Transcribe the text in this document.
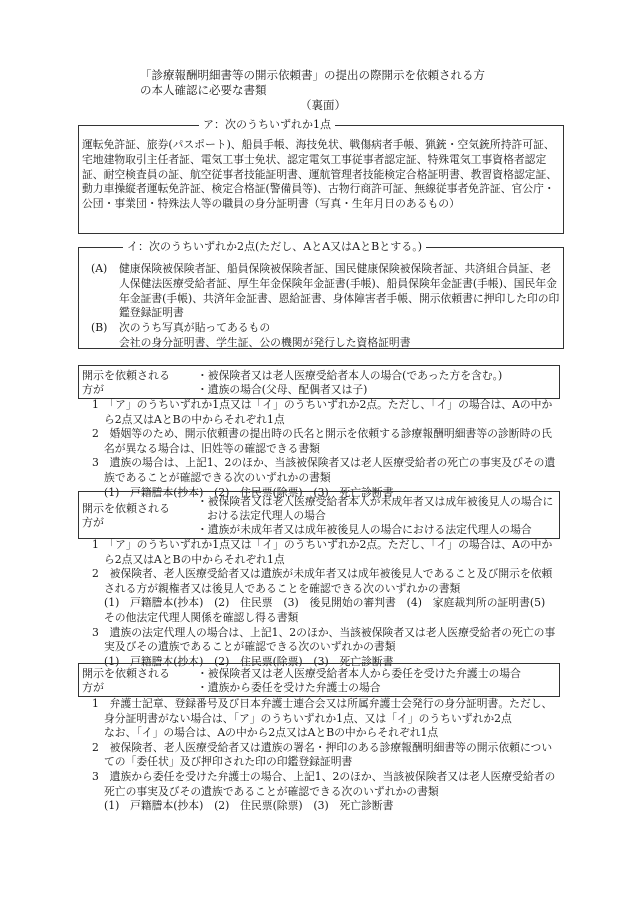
「診療報酬明細書等の開示依頼書」の提出の際開示を依頼される方
の本人確認に必要な書類
（裏面）
ア：次のうちいずれか1点
運転免許証、旅券(パスポート)、船員手帳、海技免状、戦傷病者手帳、猟銃・空気銃所持許可証、宅地建物取引主任者証、電気工事士免状、認定電気工事従事者認定証、特殊電気工事資格者認定証、耐空検査員の証、航空従事者技能証明書、運航管理者技能検定合格証明書、教習資格認定証、動力車操縦者運転免許証、検定合格証(警備員等)、古物行商許可証、無線従事者免許証、官公庁・公団・事業団・特殊法人等の職員の身分証明書（写真・生年月日のあるもの）
イ：次のうちいずれか2点(ただし、AとA又はAとBとする。)
(A)	健康保険被保険者証、船員保険被保険者証、国民健康保険被保険者証、共済組合員証、老人保健法医療受給者証、厚生年金保険年金証書(手帳)、船員保険年金証書(手帳)、国民年金年金証書(手帳)、共済年金証書、恩給証書、身体障害者手帳、開示依頼書に押印した印の印鑑登録証明書
(B)	次のうち写真が貼ってあるもの
会社の身分証明書、学生証、公の機関が発行した資格証明書
開示を依頼される
方が
・被保険者又は老人医療受給者本人の場合(であった方を含む。)
・遺族の場合(父母、配偶者又は子)
1　「ア」のうちいずれか1点又は「イ」のうちいずれか2点。ただし、「イ」の場合は、Aの中から2点又はAとBの中からそれぞれ1点
2　婚姻等のため、開示依頼書の提出時の氏名と開示を依頼する診療報酬明細書等の診断時の氏名が異なる場合は、旧姓等の確認できる書類
3　遺族の場合は、上記1、2のほか、当該被保険者又は老人医療受給者の死亡の事実及びその遺族であることが確認できる次のいずれかの書類
(1)　戸籍謄本(抄本)　(2)　住民票(除票)　(3)　死亡診断書
開示を依頼される
方が
・被保険者又は老人医療受給者本人が未成年者又は成年被後見人の場合における法定代理人の場合
・遺族が未成年者又は成年被後見人の場合における法定代理人の場合
1　「ア」のうちいずれか1点又は「イ」のうちいずれか2点。ただし、「イ」の場合は、Aの中から2点又はAとBの中からそれぞれ1点
2　被保険者、老人医療受給者又は遺族が未成年者又は成年被後見人であること及び開示を依頼される方が親権者又は後見人であることを確認できる次のいずれかの書類
(1)　戸籍謄本(抄本)　(2)　住民票　(3)　後見開始の審判書　(4)　家庭裁判所の証明書(5)　その他法定代理人関係を確認し得る書類
3　遺族の法定代理人の場合は、上記1、2のほか、当該被保険者又は老人医療受給者の死亡の事実及びその遺族であることが確認できる次のいずれかの書類
(1)　戸籍謄本(抄本)　(2)　住民票(除票)　(3)　死亡診断書
開示を依頼される
方が
・被保険者又は老人医療受給者本人から委任を受けた弁護士の場合
・遺族から委任を受けた弁護士の場合
1　弁護士記章、登録番号及び日本弁護士連合会又は所属弁護士会発行の身分証明書。ただし、身分証明書がない場合は、「ア」のうちいずれか1点、又は「イ」のうちいずれか2点
なお、「イ」の場合は、Aの中から2点又はAとBの中からそれぞれ1点
2　被保険者、老人医療受給者又は遺族の署名・押印のある診療報酬明細書等の開示依頼についての「委任状」及び押印された印の印鑑登録証明書
3　遺族から委任を受けた弁護士の場合、上記1、2のほか、当該被保険者又は老人医療受給者の死亡の事実及びその遺族であることが確認できる次のいずれかの書類
(1)　戸籍謄本(抄本)　(2)　住民票(除票)　(3)　死亡診断書
